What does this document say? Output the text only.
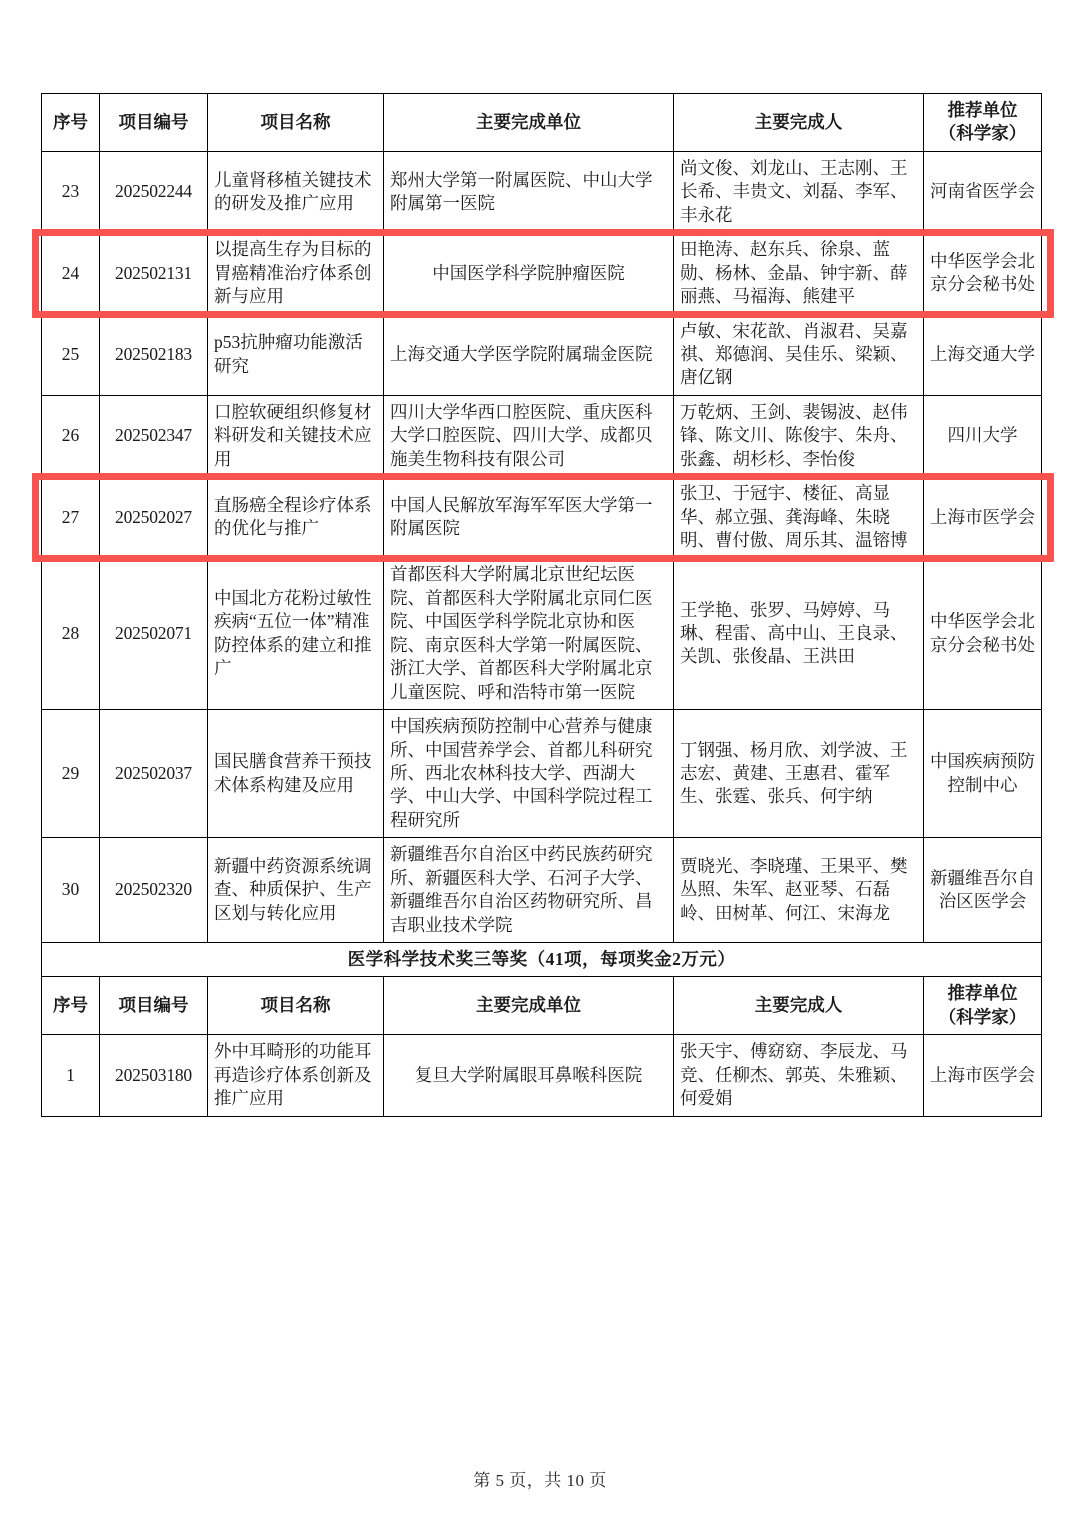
序号	项目编号	项目名称	主要完成单位	主要完成人	推荐单位
（科学家）

23	202502244	儿童肾移植关键技术的研发及推广应用	郑州大学第一附属医院、中山大学附属第一医院	尚文俊、刘龙山、王志刚、王长希、丰贵文、刘磊、李军、丰永花	河南省医学会
24	202502131	以提高生存为目标的胃癌精准治疗体系创新与应用	中国医学科学院肿瘤医院	田艳涛、赵东兵、徐泉、蓝勋、杨林、金晶、钟宇新、薛丽燕、马福海、熊建平	中华医学会北京分会秘书处
25	202502183	p53抗肿瘤功能激活研究	上海交通大学医学院附属瑞金医院	卢敏、宋花歆、肖淑君、吴嘉祺、郑德润、吴佳乐、梁颖、唐亿钢	上海交通大学
26	202502347	口腔软硬组织修复材料研发和关键技术应用	四川大学华西口腔医院、重庆医科大学口腔医院、四川大学、成都贝施美生物科技有限公司	万乾炳、王剑、裴锡波、赵伟锋、陈文川、陈俊宇、朱舟、张鑫、胡杉杉、李怡俊	四川大学
27	202502027	直肠癌全程诊疗体系的优化与推广	中国人民解放军海军军医大学第一附属医院	张卫、于冠宇、楼征、高显华、郝立强、龚海峰、朱晓明、曹付傲、周乐其、温镕博	上海市医学会
28	202502071	中国北方花粉过敏性疾病“五位一体”精准防控体系的建立和推广	首都医科大学附属北京世纪坛医院、首都医科大学附属北京同仁医院、中国医学科学院北京协和医院、南京医科大学第一附属医院、浙江大学、首都医科大学附属北京儿童医院、呼和浩特市第一医院	王学艳、张罗、马婷婷、马琳、程雷、高中山、王良录、关凯、张俊晶、王洪田	中华医学会北京分会秘书处
29	202502037	国民膳食营养干预技术体系构建及应用	中国疾病预防控制中心营养与健康所、中国营养学会、首都儿科研究所、西北农林科技大学、西湖大学、中山大学、中国科学院过程工程研究所	丁钢强、杨月欣、刘学波、王志宏、黄建、王惠君、霍军生、张霆、张兵、何宇纳	中国疾病预防控制中心
30	202502320	新疆中药资源系统调查、种质保护、生产区划与转化应用	新疆维吾尔自治区中药民族药研究所、新疆医科大学、石河子大学、新疆维吾尔自治区药物研究所、昌吉职业技术学院	贾晓光、李晓瑾、王果平、樊丛照、朱军、赵亚琴、石磊岭、田树革、何江、宋海龙	新疆维吾尔自治区医学会
医学科学技术奖三等奖（41项，每项奖金2万元）					
序号	项目编号	项目名称	主要完成单位	主要完成人	推荐单位
（科学家）

1	202503180	外中耳畸形的功能耳再造诊疗体系创新及推广应用	复旦大学附属眼耳鼻喉科医院	张天宇、傅窈窈、李辰龙、马竞、任柳杰、郭英、朱雅颖、何爱娟	上海市医学会
第 5 页，共 10 页
